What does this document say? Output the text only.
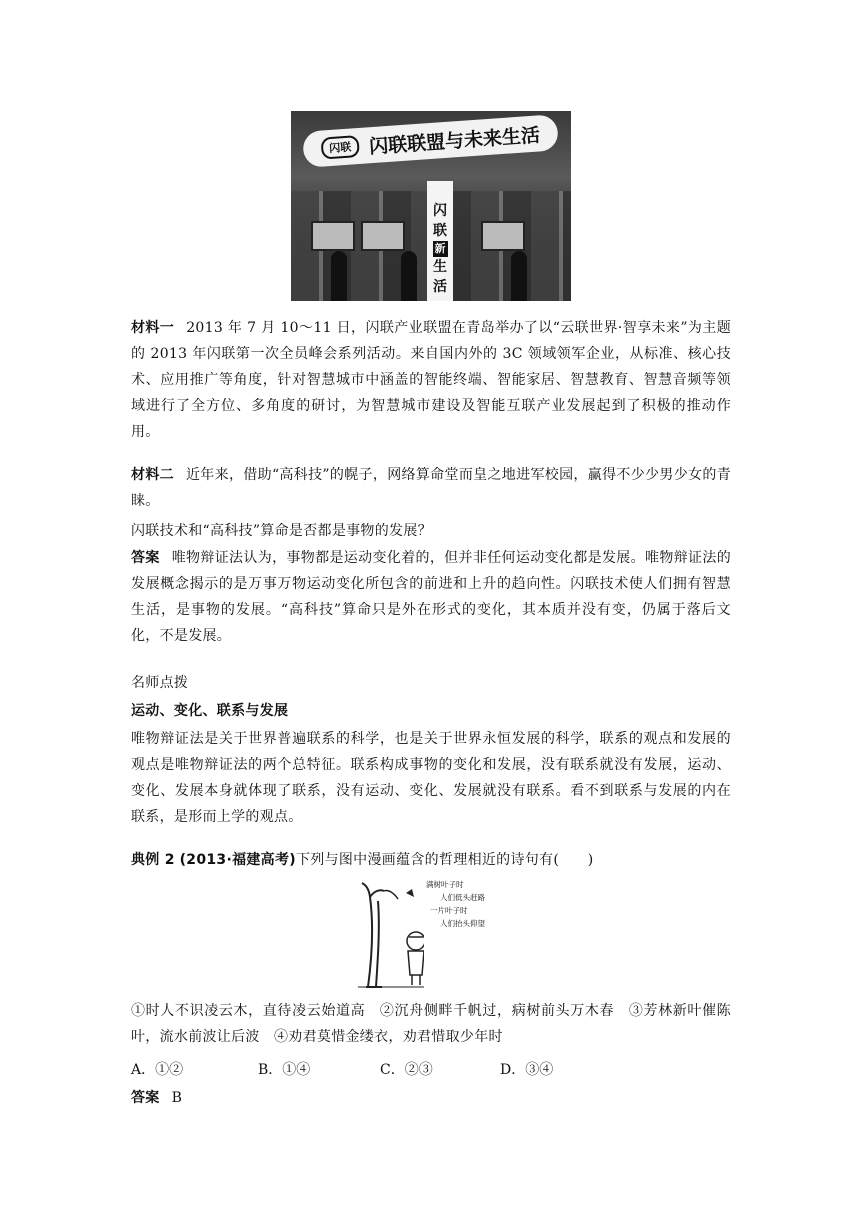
闪联 闪联联盟与未来生活
闪
联
新
生
活

材料一 2013 年 7 月 10～11 日，闪联产业联盟在青岛举办了以“云联世界·智享未来”为主题的 2013 年闪联第一次全员峰会系列活动。来自国内外的 3C 领域领军企业，从标准、核心技术、应用推广等角度，针对智慧城市中涵盖的智能终端、智能家居、智慧教育、智慧音频等领域进行了全方位、多角度的研讨，为智慧城市建设及智能互联产业发展起到了积极的推动作用。

材料二 近年来，借助“高科技”的幌子，网络算命堂而皇之地进军校园，赢得不少少男少女的青睐。

闪联技术和“高科技”算命是否都是事物的发展？

答案 唯物辩证法认为，事物都是运动变化着的，但并非任何运动变化都是发展。唯物辩证法的发展概念揭示的是万事万物运动变化所包含的前进和上升的趋向性。闪联技术使人们拥有智慧生活，是事物的发展。“高科技”算命只是外在形式的变化，其本质并没有变，仍属于落后文化，不是发展。

名师点拨

运动、变化、联系与发展

唯物辩证法是关于世界普遍联系的科学，也是关于世界永恒发展的科学，联系的观点和发展的观点是唯物辩证法的两个总特征。联系构成事物的变化和发展，没有联系就没有发展，运动、变化、发展本身就体现了联系，没有运动、变化、发展就没有联系。看不到联系与发展的内在联系，是形而上学的观点。

典例 2 (2013·福建高考)下列与图中漫画蕴含的哲理相近的诗句有(　　)

满树叶子时
人们低头赶路
一片叶子时
人们抬头仰望

①时人不识凌云木，直待凌云始道高　②沉舟侧畔千帆过，病树前头万木春　③芳林新叶催陈叶，流水前波让后波　④劝君莫惜金缕衣，劝君惜取少年时

A．①②	B．①④	C．②③	D．③④

答案 B
